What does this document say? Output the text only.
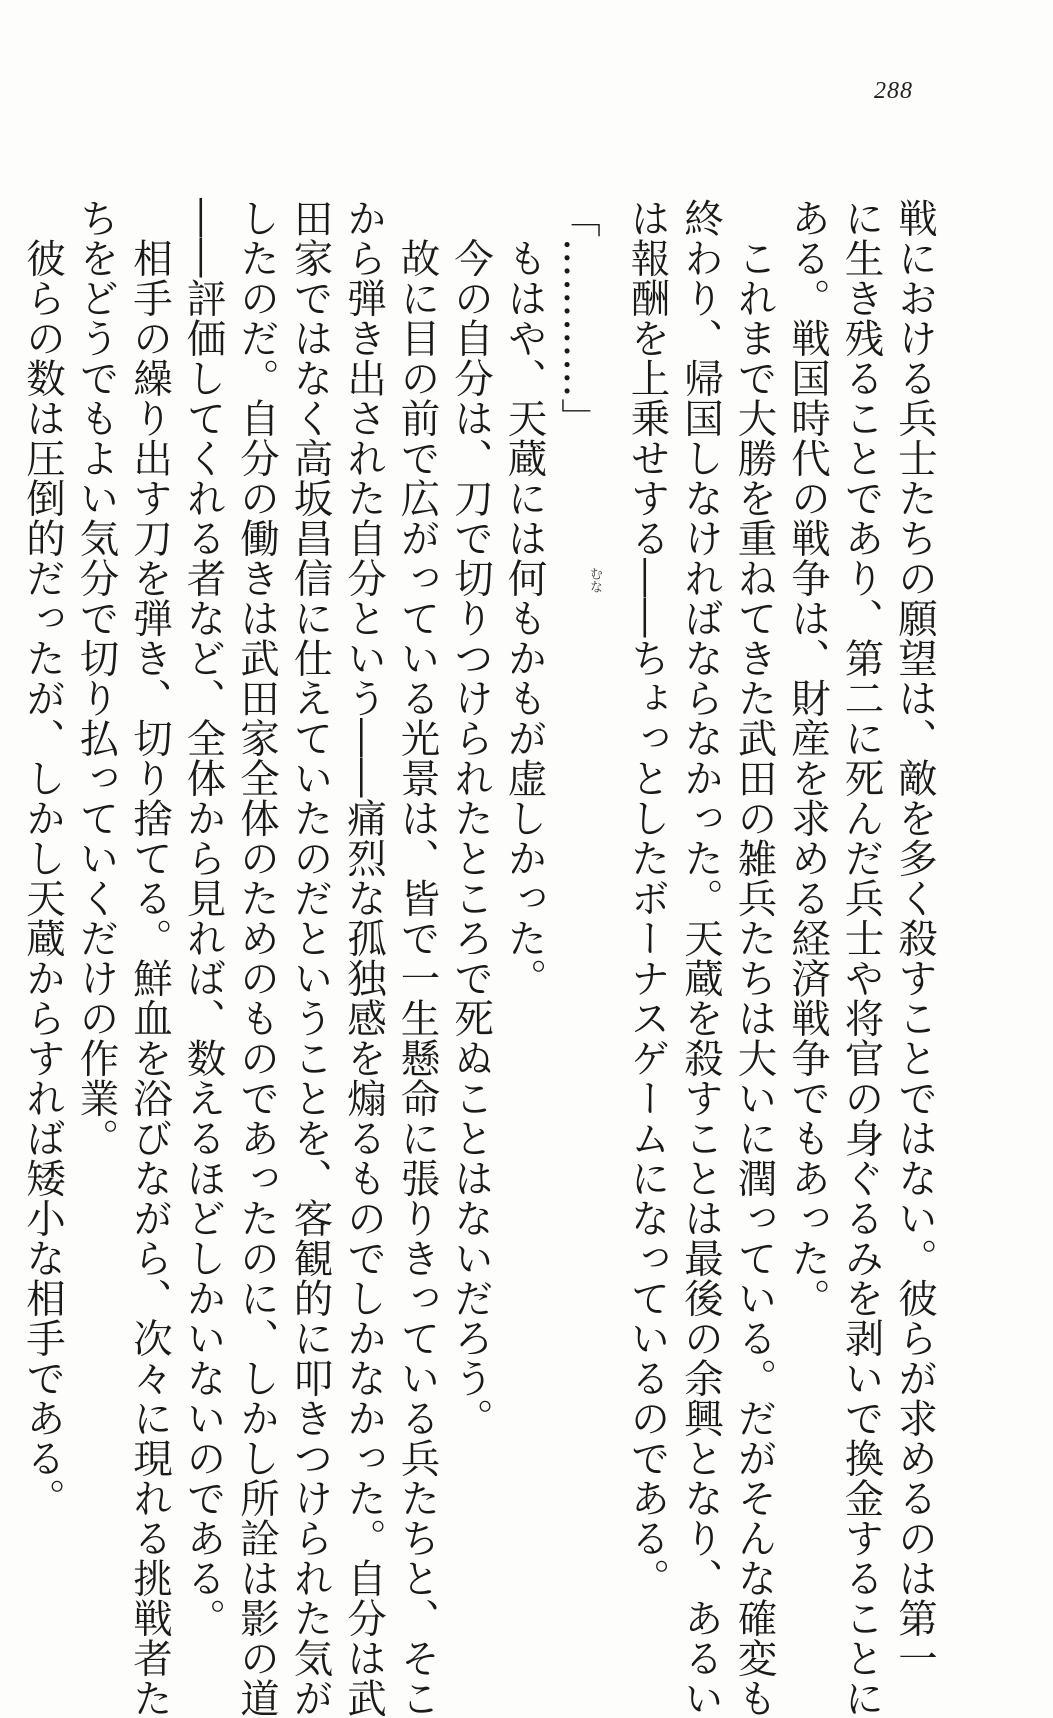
288
戦における兵士たちの願望は、敵を多く殺すことではない。彼らが求めるのは第一
に生き残ることであり、第二に死んだ兵士や将官の身ぐるみを剥いで換金することに
ある。戦国時代の戦争は、財産を求める経済戦争でもあった。
　これまで大勝を重ねてきた武田の雑兵たちは大いに潤っている。だがそんな確変も
終わり、帰国しなければならなかった。天蔵を殺すことは最後の余興となり、あるい
は報酬を上乗せする――ちょっとしたボーナスゲームになっているのである。
「…………」
　もはや、天蔵には何もかもが虚しかった。
　今の自分は、刀で切りつけられたところで死ぬことはないだろう。
　故に目の前で広がっている光景は、皆で一生懸命に張りきっている兵たちと、そこ
から弾き出された自分という――痛烈な孤独感を煽るものでしかなかった。自分は武
田家ではなく高坂昌信に仕えていたのだということを、客観的に叩きつけられた気が
したのだ。自分の働きは武田家全体のためのものであったのに、しかし所詮は影の道
――評価してくれる者など、全体から見れば、数えるほどしかいないのである。
　相手の繰り出す刀を弾き、切り捨てる。鮮血を浴びながら、次々に現れる挑戦者た
ちをどうでもよい気分で切り払っていくだけの作業。
　彼らの数は圧倒的だったが、しかし天蔵からすれば矮小な相手である。	むな
